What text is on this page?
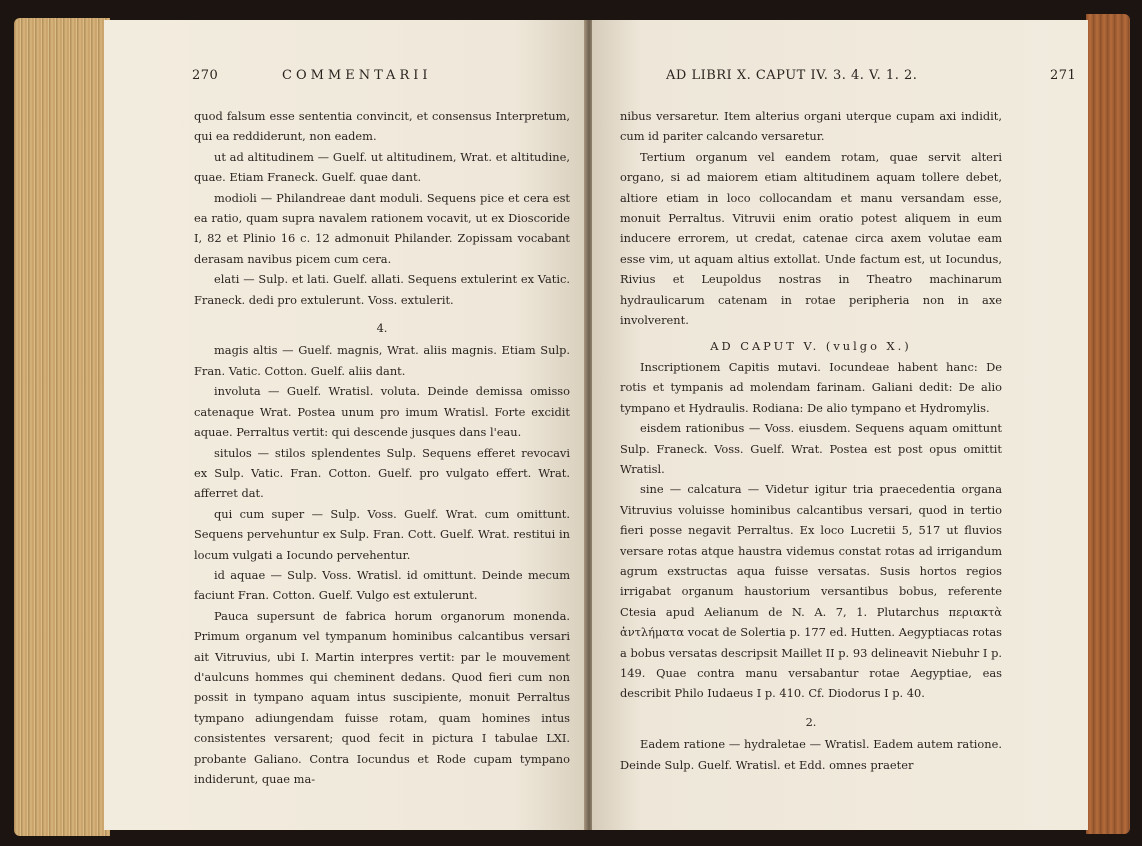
270	COMMENTARII

quod falsum esse sententia convincit, et consensus Interpretum, qui ea reddiderunt, non eadem.

ut ad altitudinem — Guelf. ut altitudinem, Wrat. et altitudine, quae. Etiam Franeck. Guelf. quae dant.

modioli — Philandreae dant moduli. Sequens pice et cera est ea ratio, quam supra navalem rationem vocavit, ut ex Dioscoride I, 82 et Plinio 16 c. 12 admonuit Philander. Zopissam vocabant derasam navibus picem cum cera.

elati — Sulp. et lati. Guelf. allati. Sequens extulerint ex Vatic. Franeck. dedi pro extulerunt. Voss. extulerit.

4.

magis altis — Guelf. magnis, Wrat. aliis magnis. Etiam Sulp. Fran. Vatic. Cotton. Guelf. aliis dant.

involuta — Guelf. Wratisl. voluta. Deinde demissa omisso catenaque Wrat. Postea unum pro imum Wratisl. Forte excidit aquae. Perraltus vertit: qui descende jusques dans l'eau.

situlos — stilos splendentes Sulp. Sequens efferet revocavi ex Sulp. Vatic. Fran. Cotton. Guelf. pro vulgato effert. Wrat. afferret dat.

qui cum super — Sulp. Voss. Guelf. Wrat. cum omittunt. Sequens pervehuntur ex Sulp. Fran. Cott. Guelf. Wrat. restitui in locum vulgati a Iocundo pervehentur.

id aquae — Sulp. Voss. Wratisl. id omittunt. Deinde mecum faciunt Fran. Cotton. Guelf. Vulgo est extulerunt.

Pauca supersunt de fabrica horum organorum monenda. Primum organum vel tympanum hominibus calcantibus versari ait Vitruvius, ubi I. Martin interpres vertit: par le mouvement d'aulcuns hommes qui cheminent dedans. Quod fieri cum non possit in tympano aquam intus suscipiente, monuit Perraltus tympano adiungendam fuisse rotam, quam homines intus consistentes versarent; quod fecit in pictura I tabulae LXI. probante Galiano. Contra Iocundus et Rode cupam tympano indiderunt, quae ma-

AD LIBRI X. CAPUT IV. 3. 4. V. 1. 2.	271

nibus versaretur. Item alterius organi uterque cupam axi indidit, cum id pariter calcando versaretur.

Tertium organum vel eandem rotam, quae servit alteri organo, si ad maiorem etiam altitudinem aquam tollere debet, altiore etiam in loco collocandam et manu versandam esse, monuit Perraltus. Vitruvii enim oratio potest aliquem in eum inducere errorem, ut credat, catenae circa axem volutae eam esse vim, ut aquam altius extollat. Unde factum est, ut Iocundus, Rivius et Leupoldus nostras in Theatro machinarum hydraulicarum catenam in rotae peripheria non in axe involverent.

AD CAPUT V. (vulgo X.)

Inscriptionem Capitis mutavi. Iocundeae habent hanc: De rotis et tympanis ad molendam farinam. Galiani dedit: De alio tympano et Hydraulis. Rodiana: De alio tympano et Hydromylis.

eisdem rationibus — Voss. eiusdem. Sequens aquam omittunt Sulp. Franeck. Voss. Guelf. Wrat. Postea est post opus omittit Wratisl.

sine — calcatura — Videtur igitur tria praecedentia organa Vitruvius voluisse hominibus calcantibus versari, quod in tertio fieri posse negavit Perraltus. Ex loco Lucretii 5, 517 ut fluvios versare rotas atque haustra videmus constat rotas ad irrigandum agrum exstructas aqua fuisse versatas. Susis hortos regios irrigabat organum haustorium versantibus bobus, referente Ctesia apud Aelianum de N. A. 7, 1. Plutarchus περιακτὰ ἀντλήματα vocat de Solertia p. 177 ed. Hutten. Aegyptiacas rotas a bobus versatas descripsit Maillet II p. 93 delineavit Niebuhr I p. 149. Quae contra manu versabantur rotae Aegyptiae, eas describit Philo Iudaeus I p. 410. Cf. Diodorus I p. 40.

2.

Eadem ratione — hydraletae — Wratisl. Eadem autem ratione. Deinde Sulp. Guelf. Wratisl. et Edd. omnes praeter
